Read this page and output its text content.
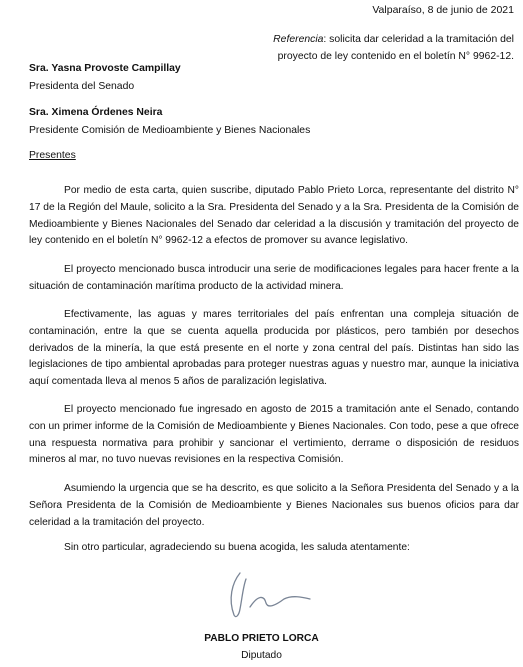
Valparaíso, 8 de junio de 2021
Referencia: solicita dar celeridad a la tramitación del
proyecto de ley contenido en el boletín N° 9962-12.
Sra. Yasna Provoste Campillay
Presidenta del Senado
Sra. Ximena Órdenes Neira
Presidente Comisión de Medioambiente y Bienes Nacionales
Presentes

Por medio de esta carta, quien suscribe, diputado Pablo Prieto Lorca, representante del distrito N° 17 de la Región del Maule, solicito a la Sra. Presidenta del Senado y a la Sra. Presidenta de la Comisión de Medioambiente y Bienes Nacionales del Senado dar celeridad a la discusión y tramitación del proyecto de ley contenido en el boletín N° 9962-12 a efectos de promover su avance legislativo.

El proyecto mencionado busca introducir una serie de modificaciones legales para hacer frente a la situación de contaminación marítima producto de la actividad minera.

Efectivamente, las aguas y mares territoriales del país enfrentan una compleja situación de contaminación, entre la que se cuenta aquella producida por plásticos, pero también por desechos derivados de la minería, la que está presente en el norte y zona central del país. Distintas han sido las legislaciones de tipo ambiental aprobadas para proteger nuestras aguas y nuestro mar, aunque la iniciativa aquí comentada lleva al menos 5 años de paralización legislativa.

El proyecto mencionado fue ingresado en agosto de 2015 a tramitación ante el Senado, contando con un primer informe de la Comisión de Medioambiente y Bienes Nacionales. Con todo, pese a que ofrece una respuesta normativa para prohibir y sancionar el vertimiento, derrame o disposición de residuos mineros al mar, no tuvo nuevas revisiones en la respectiva Comisión.

Asumiendo la urgencia que se ha descrito, es que solicito a la Señora Presidenta del Senado y a la Señora Presidenta de la Comisión de Medioambiente y Bienes Nacionales sus buenos oficios para dar celeridad a la tramitación del proyecto.

Sin otro particular, agradeciendo su buena acogida, les saluda atentamente:

PABLO PRIETO LORCA
Diputado
